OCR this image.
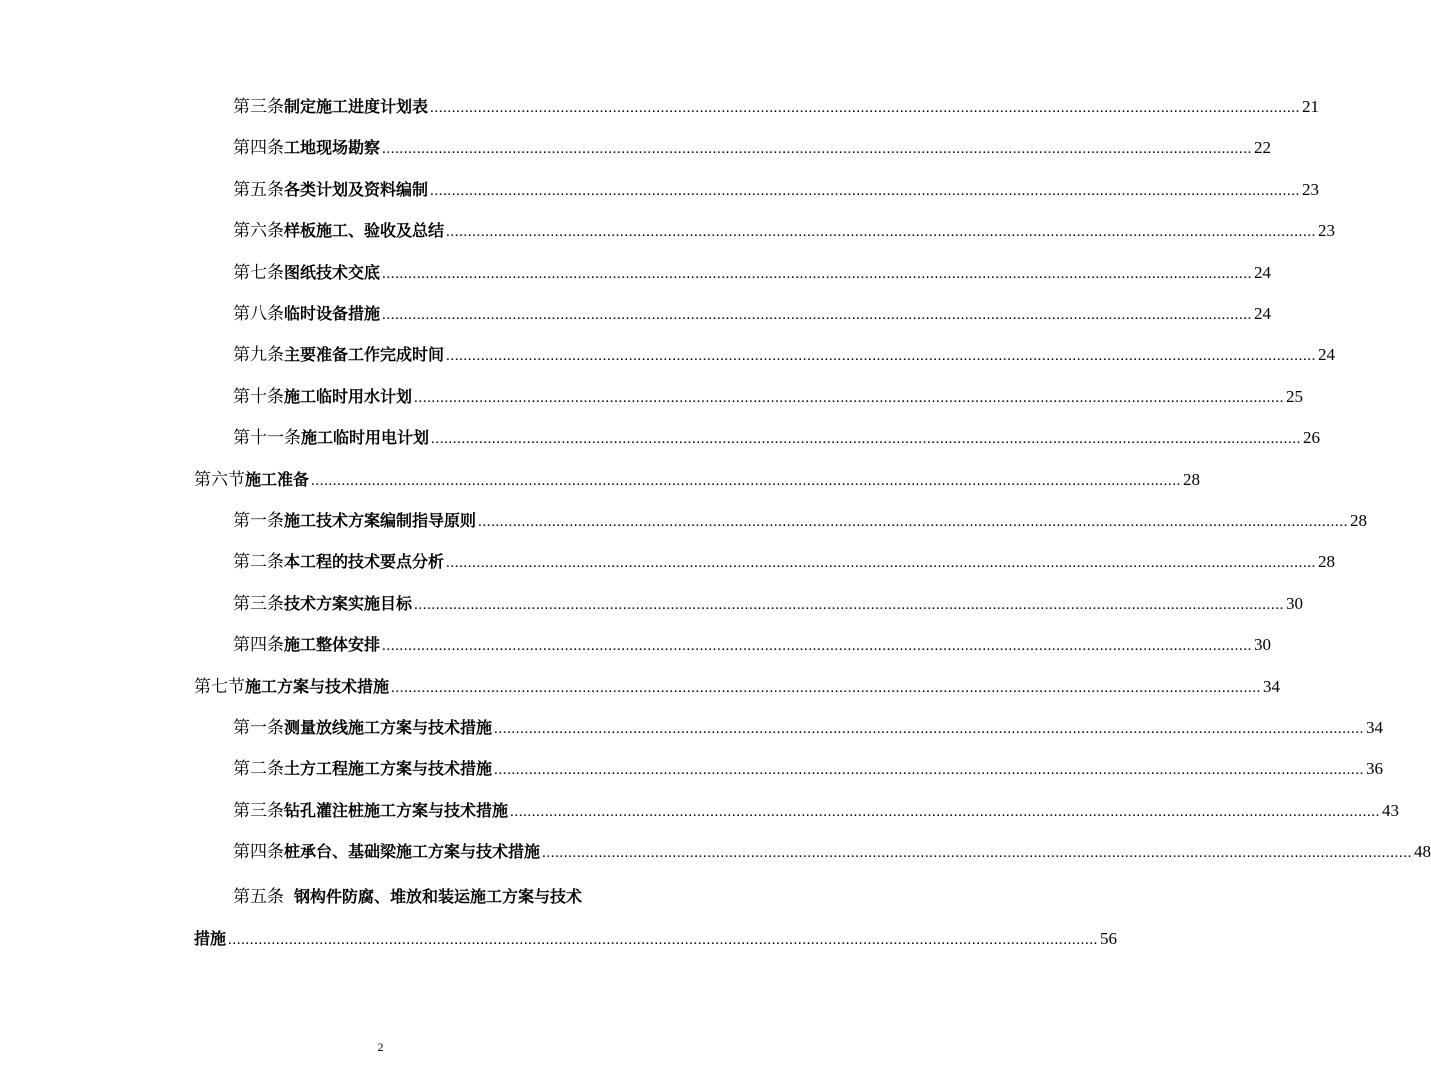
第三条 制定施工进度计划表 ........................................................................................................................................................................................................ 21
第四条 工地现场勘察 ........................................................................................................................................................................................................ 22
第五条 各类计划及资料编制 ........................................................................................................................................................................................................ 23
第六条 样板施工、验收及总结 ........................................................................................................................................................................................................ 23
第七条 图纸技术交底 ........................................................................................................................................................................................................ 24
第八条 临时设备措施 ........................................................................................................................................................................................................ 24
第九条 主要准备工作完成时间 ........................................................................................................................................................................................................ 24
第十条 施工临时用水计划 ........................................................................................................................................................................................................ 25
第十一条 施工临时用电计划 ........................................................................................................................................................................................................ 26
第六节 施工准备 ........................................................................................................................................................................................................ 28
第一条 施工技术方案编制指导原则 ........................................................................................................................................................................................................ 28
第二条 本工程的技术要点分析 ........................................................................................................................................................................................................ 28
第三条 技术方案实施目标 ........................................................................................................................................................................................................ 30
第四条 施工整体安排 ........................................................................................................................................................................................................ 30
第七节 施工方案与技术措施 ........................................................................................................................................................................................................ 34
第一条 测量放线施工方案与技术措施 ........................................................................................................................................................................................................ 34
第二条 土方工程施工方案与技术措施 ........................................................................................................................................................................................................ 36
第三条 钻孔灌注桩施工方案与技术措施 ........................................................................................................................................................................................................ 43
第四条 桩承台、基础梁施工方案与技术措施 ........................................................................................................................................................................................................ 48
第五条 钢构件防腐、堆放和装运施工方案与技术
措施 ........................................................................................................................................................................................................ 56
2
